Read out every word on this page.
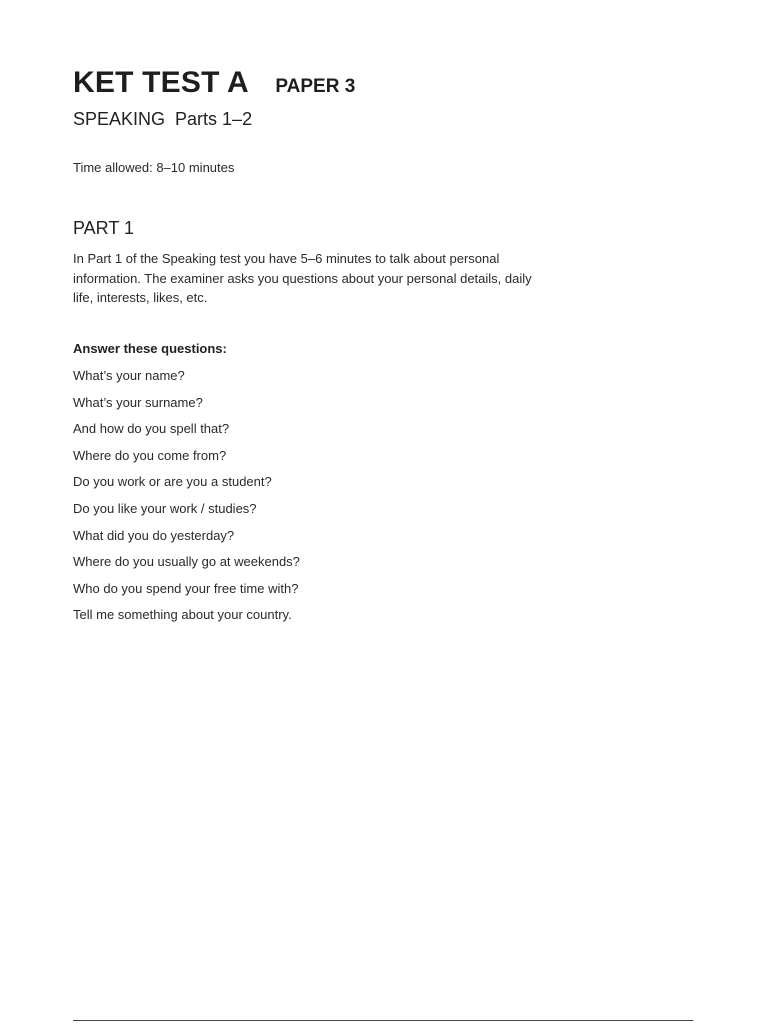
KET TEST A PAPER 3
SPEAKING  Parts 1–2
Time allowed: 8–10 minutes
PART 1
In Part 1 of the Speaking test you have 5–6 minutes to talk about personal information. The examiner asks you questions about your personal details, daily life, interests, likes, etc.
Answer these questions:
What’s your name?
What’s your surname?
And how do you spell that?
Where do you come from?
Do you work or are you a student?
Do you like your work / studies?
What did you do yesterday?
Where do you usually go at weekends?
Who do you spend your free time with?
Tell me something about your country.
